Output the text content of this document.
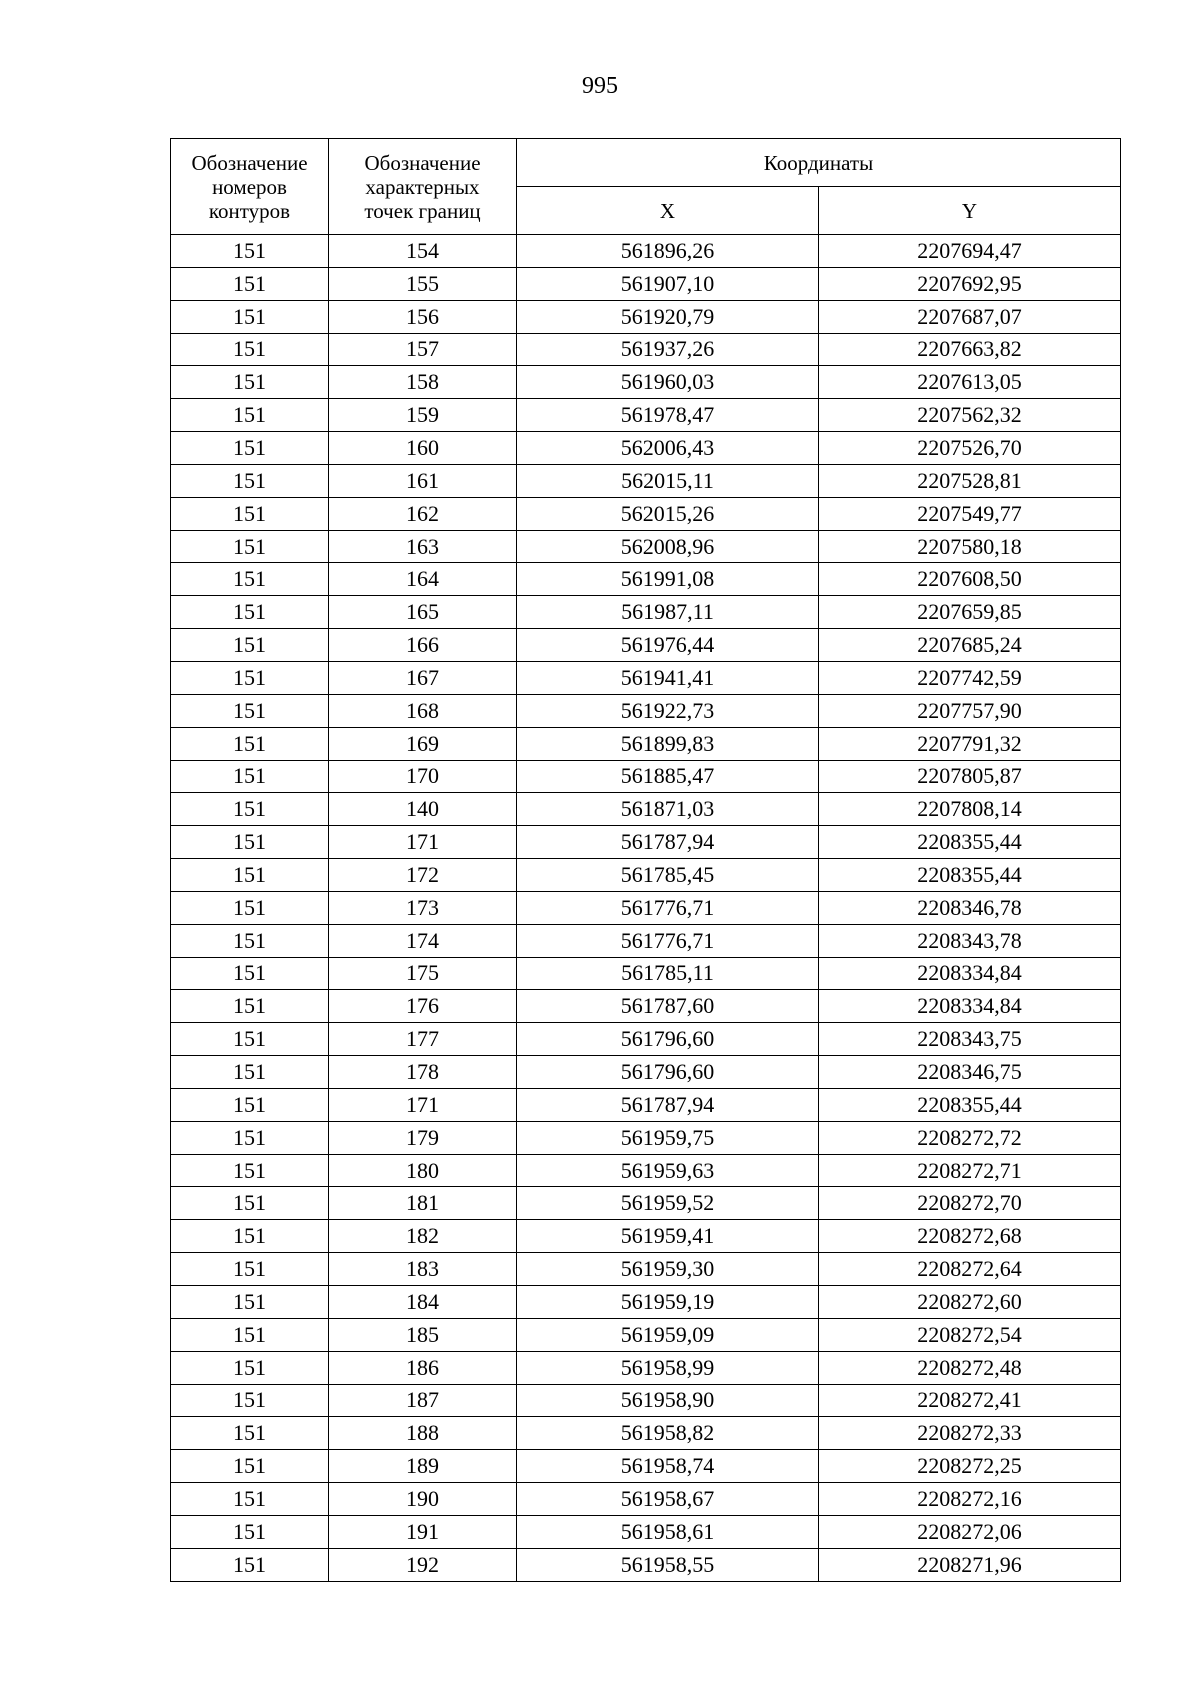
995
Обозначение
номеров
контуров	Обозначение
характерных
точек границ	Координаты	
		X	Y
151	154	561896,26	2207694,47
151	155	561907,10	2207692,95
151	156	561920,79	2207687,07
151	157	561937,26	2207663,82
151	158	561960,03	2207613,05
151	159	561978,47	2207562,32
151	160	562006,43	2207526,70
151	161	562015,11	2207528,81
151	162	562015,26	2207549,77
151	163	562008,96	2207580,18
151	164	561991,08	2207608,50
151	165	561987,11	2207659,85
151	166	561976,44	2207685,24
151	167	561941,41	2207742,59
151	168	561922,73	2207757,90
151	169	561899,83	2207791,32
151	170	561885,47	2207805,87
151	140	561871,03	2207808,14
151	171	561787,94	2208355,44
151	172	561785,45	2208355,44
151	173	561776,71	2208346,78
151	174	561776,71	2208343,78
151	175	561785,11	2208334,84
151	176	561787,60	2208334,84
151	177	561796,60	2208343,75
151	178	561796,60	2208346,75
151	171	561787,94	2208355,44
151	179	561959,75	2208272,72
151	180	561959,63	2208272,71
151	181	561959,52	2208272,70
151	182	561959,41	2208272,68
151	183	561959,30	2208272,64
151	184	561959,19	2208272,60
151	185	561959,09	2208272,54
151	186	561958,99	2208272,48
151	187	561958,90	2208272,41
151	188	561958,82	2208272,33
151	189	561958,74	2208272,25
151	190	561958,67	2208272,16
151	191	561958,61	2208272,06
151	192	561958,55	2208271,96
